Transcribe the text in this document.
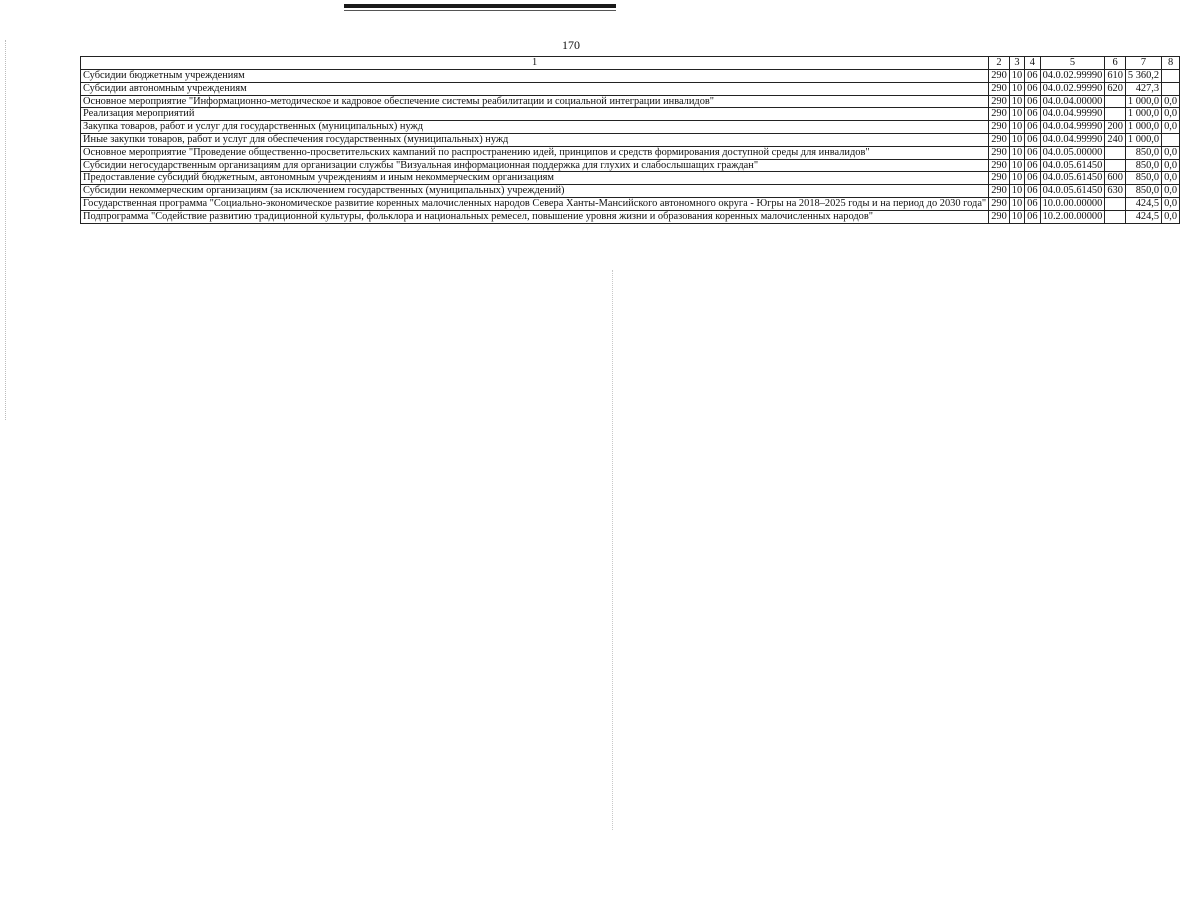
170
1	2	3	4	5	6	7	8
Субсидии бюджетным учреждениям	290	10	06	04.0.02.99990	610	5 360,2	
Субсидии автономным учреждениям	290	10	06	04.0.02.99990	620	427,3	
Основное мероприятие "Информационно-методическое и кадровое обеспечение системы реабилитации и социальной интеграции инвалидов"	290	10	06	04.0.04.00000		1 000,0	0,0
Реализация мероприятий	290	10	06	04.0.04.99990		1 000,0	0,0
Закупка товаров, работ и услуг для государственных (муниципальных) нужд	290	10	06	04.0.04.99990	200	1 000,0	0,0
Иные закупки товаров, работ и услуг для обеспечения государственных (муниципальных) нужд	290	10	06	04.0.04.99990	240	1 000,0	
Основное мероприятие "Проведение общественно-просветительских кампаний по распространению идей, принципов и средств формирования доступной среды для инвалидов"	290	10	06	04.0.05.00000		850,0	0,0
Субсидии негосударственным организациям для организации службы "Визуальная информационная поддержка для глухих и слабослышащих граждан"	290	10	06	04.0.05.61450		850,0	0,0
Предоставление субсидий бюджетным, автономным учреждениям и иным некоммерческим организациям	290	10	06	04.0.05.61450	600	850,0	0,0
Субсидии некоммерческим организациям (за исключением государственных (муниципальных) учреждений)	290	10	06	04.0.05.61450	630	850,0	0,0
Государственная программа "Социально-экономическое развитие коренных малочисленных народов Севера Ханты-Мансийского автономного округа - Югры на 2018–2025 годы и на период до 2030 года"	290	10	06	10.0.00.00000		424,5	0,0
Подпрограмма "Содействие развитию традиционной культуры, фольклора и национальных ремесел, повышение уровня жизни и образования коренных малочисленных народов"	290	10	06	10.2.00.00000		424,5	0,0
